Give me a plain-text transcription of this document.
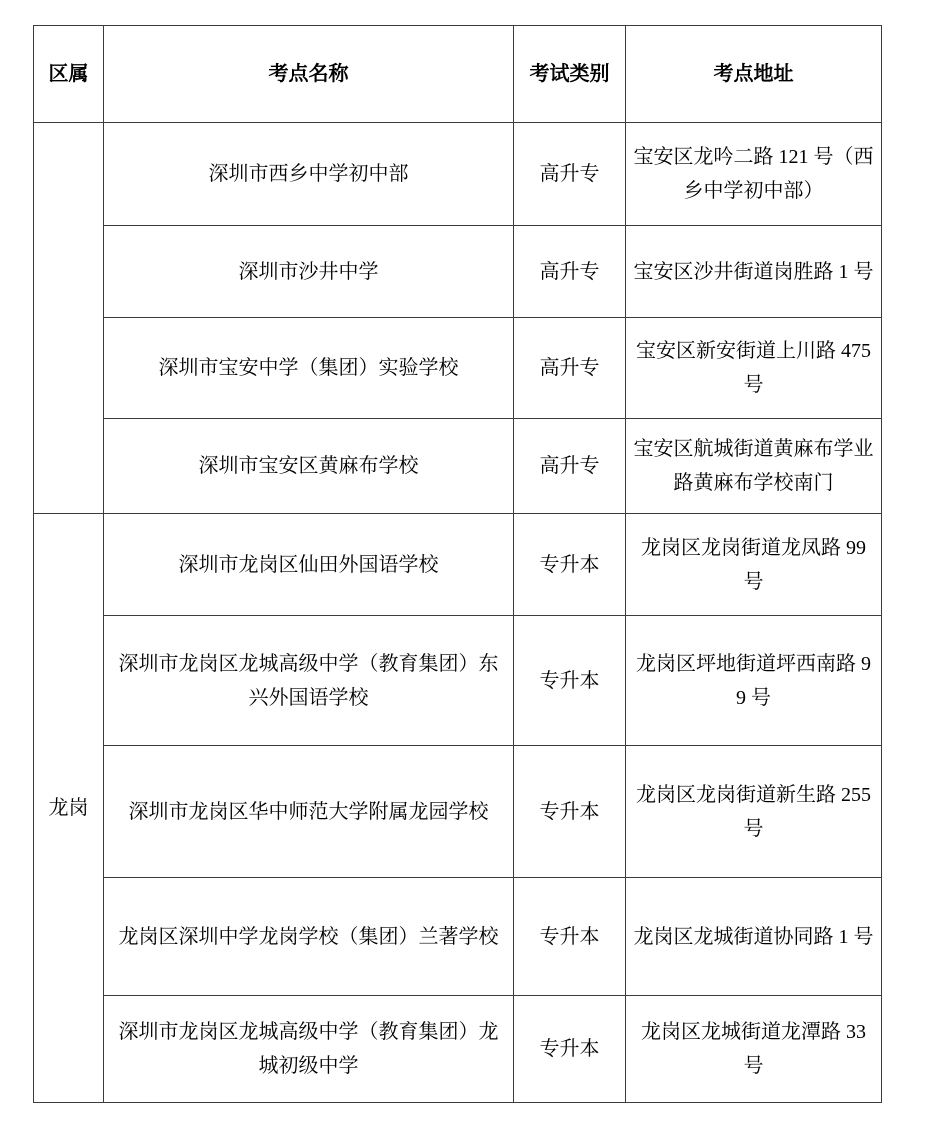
区属	考点名称	考试类别	考点地址
	深圳市西乡中学初中部	高升专	宝安区龙吟二路 121 号（西乡中学初中部）
	深圳市沙井中学	高升专	宝安区沙井街道岗胜路 1 号
	深圳市宝安中学（集团）实验学校	高升专	宝安区新安街道上川路 475 号
	深圳市宝安区黄麻布学校	高升专	宝安区航城街道黄麻布学业路黄麻布学校南门
龙岗	深圳市龙岗区仙田外国语学校	专升本	龙岗区龙岗街道龙凤路 99 号
	深圳市龙岗区龙城高级中学（教育集团）东兴外国语学校	专升本	龙岗区坪地街道坪西南路 99 号
	深圳市龙岗区华中师范大学附属龙园学校	专升本	龙岗区龙岗街道新生路 255 号
	龙岗区深圳中学龙岗学校（集团）兰著学校	专升本	龙岗区龙城街道协同路 1 号
	深圳市龙岗区龙城高级中学（教育集团）龙城初级中学	专升本	龙岗区龙城街道龙潭路 33 号
